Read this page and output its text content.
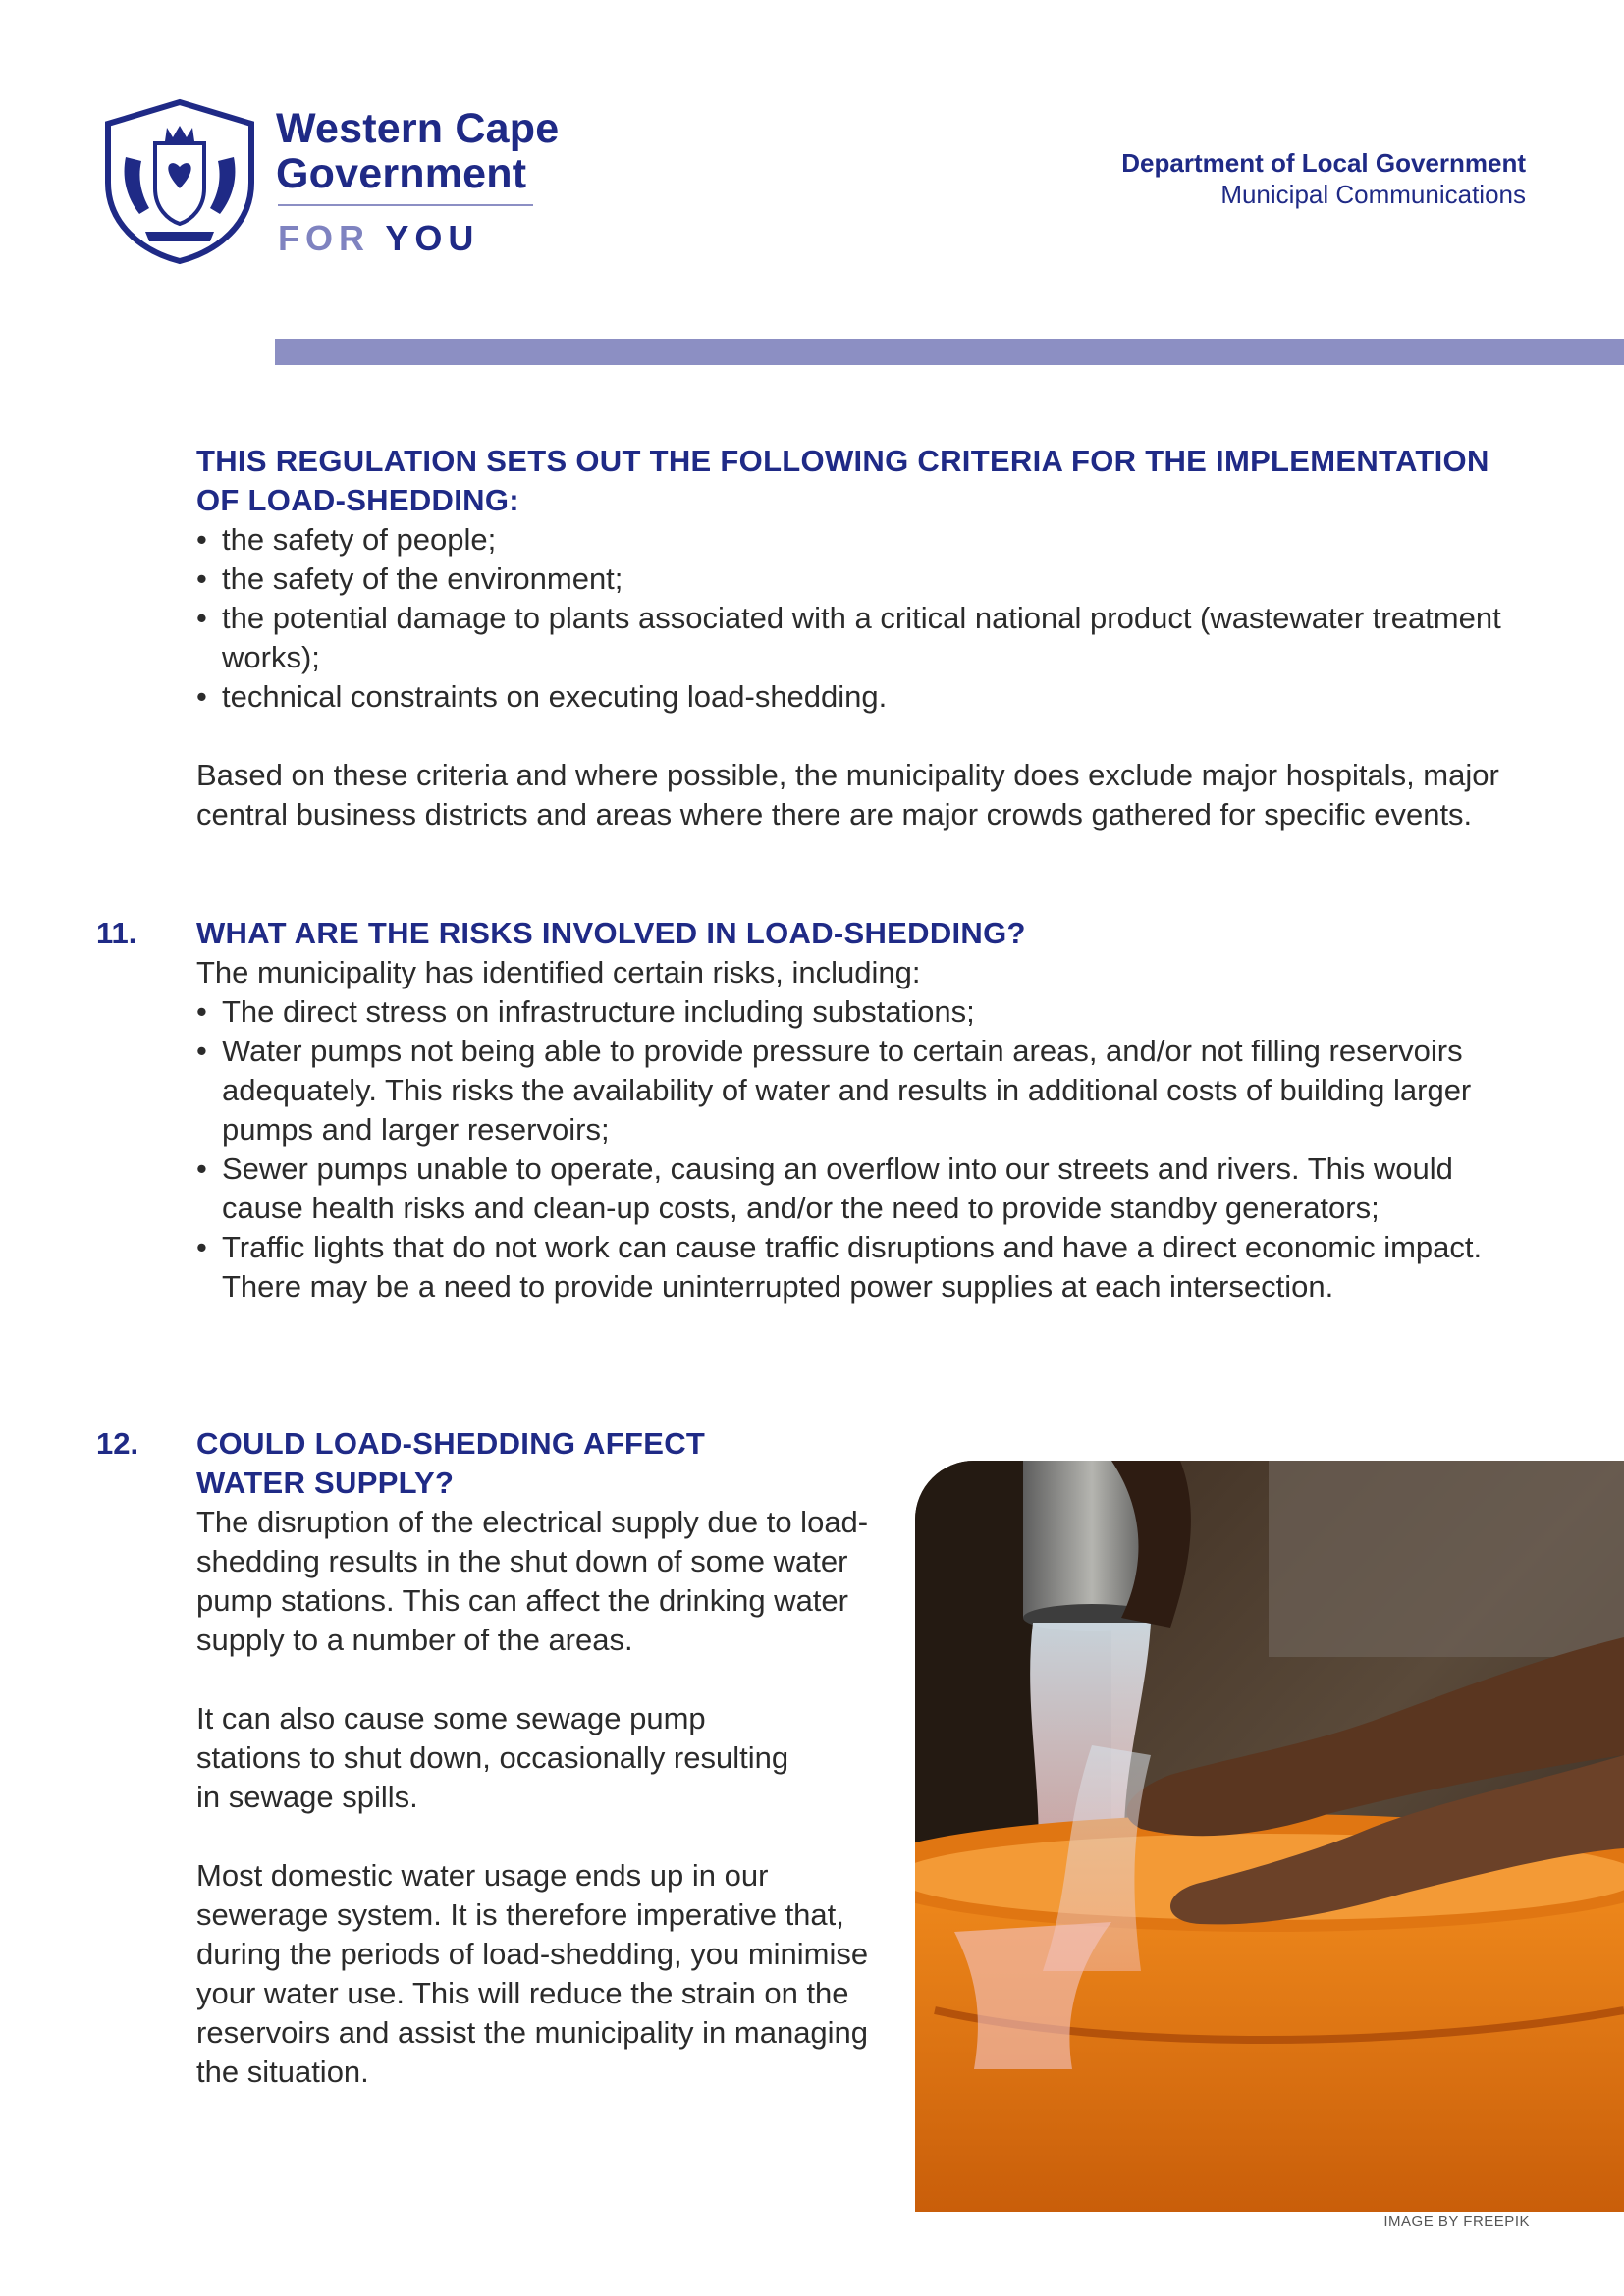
Western Cape
Government
FOR YOU
Department of Local Government
Municipal Communications

THIS REGULATION SETS OUT THE FOLLOWING CRITERIA FOR THE IMPLEMENTATION OF LOAD-SHEDDING:

• the safety of people;
• the safety of the environment;
• the potential damage to plants associated with a critical national product (wastewater treatment works);
• technical constraints on executing load-shedding.

Based on these criteria and where possible, the municipality does exclude major hospitals, major central business districts and areas where there are major crowds gathered for specific events.

11. WHAT ARE THE RISKS INVOLVED IN LOAD-SHEDDING?

The municipality has identified certain risks, including:

• The direct stress on infrastructure including substations;
• Water pumps not being able to provide pressure to certain areas, and/or not filling reservoirs adequately. This risks the availability of water and results in additional costs of building larger pumps and larger reservoirs;
• Sewer pumps unable to operate, causing an overflow into our streets and rivers. This would cause health risks and clean-up costs, and/or the need to provide standby generators;
• Traffic lights that do not work can cause traffic disruptions and have a direct economic impact. There may be a need to provide uninterrupted power supplies at each intersection.
12. COULD LOAD-SHEDDING AFFECT WATER SUPPLY?

The disruption of the electrical supply due to load-shedding results in the shut down of some water pump stations. This can affect the drinking water supply to a number of the areas.

It can also cause some sewage pump stations to shut down, occasionally resulting in sewage spills.

Most domestic water usage ends up in our sewerage system. It is therefore imperative that, during the periods of load-shedding, you minimise your water use. This will reduce the strain on the reservoirs and assist the municipality in managing the situation.

IMAGE BY FREEPIK
